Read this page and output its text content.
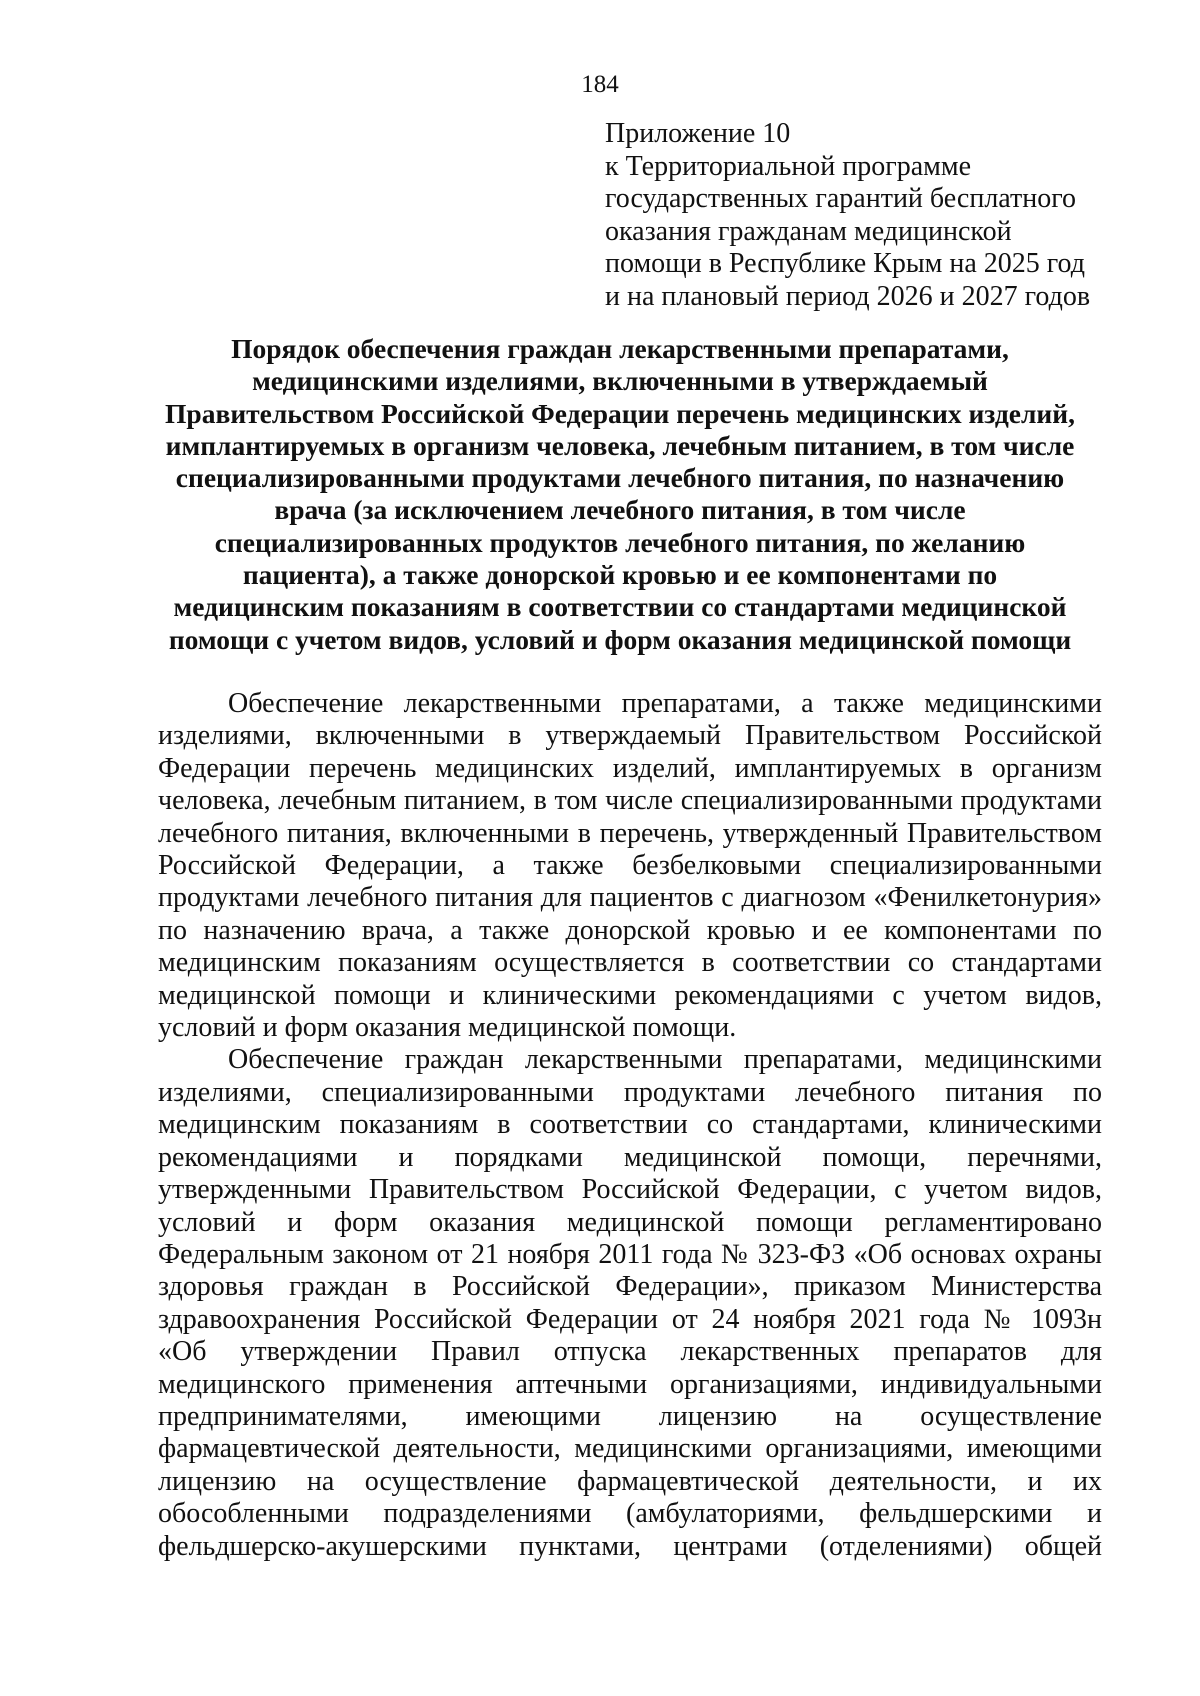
184
Приложение 10
к Территориальной программе
государственных гарантий бесплатного
оказания гражданам медицинской
помощи в Республике Крым на 2025 год
и на плановый период 2026 и 2027 годов
Порядок обеспечения граждан лекарственными препаратами,
медицинскими изделиями, включенными в утверждаемый
Правительством Российской Федерации перечень медицинских изделий,
имплантируемых в организм человека, лечебным питанием, в том числе
специализированными продуктами лечебного питания, по назначению
врача (за исключением лечебного питания, в том числе
специализированных продуктов лечебного питания, по желанию
пациента), а также донорской кровью и ее компонентами по
медицинским показаниям в соответствии со стандартами медицинской
помощи с учетом видов, условий и форм оказания медицинской помощи
Обеспечение лекарственными препаратами, а также медицинскими
изделиями, включенными в утверждаемый Правительством Российской
Федерации перечень медицинских изделий, имплантируемых в организм
человека, лечебным питанием, в том числе специализированными продуктами
лечебного питания, включенными в перечень, утвержденный Правительством
Российской Федерации, а также безбелковыми специализированными
продуктами лечебного питания для пациентов с диагнозом «Фенилкетонурия»
по назначению врача, а также донорской кровью и ее компонентами по
медицинским показаниям осуществляется в соответствии со стандартами
медицинской помощи и клиническими рекомендациями с учетом видов,
условий и форм оказания медицинской помощи.
Обеспечение граждан лекарственными препаратами, медицинскими
изделиями, специализированными продуктами лечебного питания по
медицинским показаниям в соответствии со стандартами, клиническими
рекомендациями и порядками медицинской помощи, перечнями,
утвержденными Правительством Российской Федерации, с учетом видов,
условий и форм оказания медицинской помощи регламентировано
Федеральным законом от 21 ноября 2011 года № 323-ФЗ «Об основах охраны
здоровья граждан в Российской Федерации», приказом Министерства
здравоохранения Российской Федерации от 24 ноября 2021 года № 1093н
«Об утверждении Правил отпуска лекарственных препаратов для
медицинского применения аптечными организациями, индивидуальными
предпринимателями, имеющими лицензию на осуществление
фармацевтической деятельности, медицинскими организациями, имеющими
лицензию на осуществление фармацевтической деятельности, и их
обособленными подразделениями (амбулаториями, фельдшерскими и
фельдшерско-акушерскими пунктами, центрами (отделениями) общей
